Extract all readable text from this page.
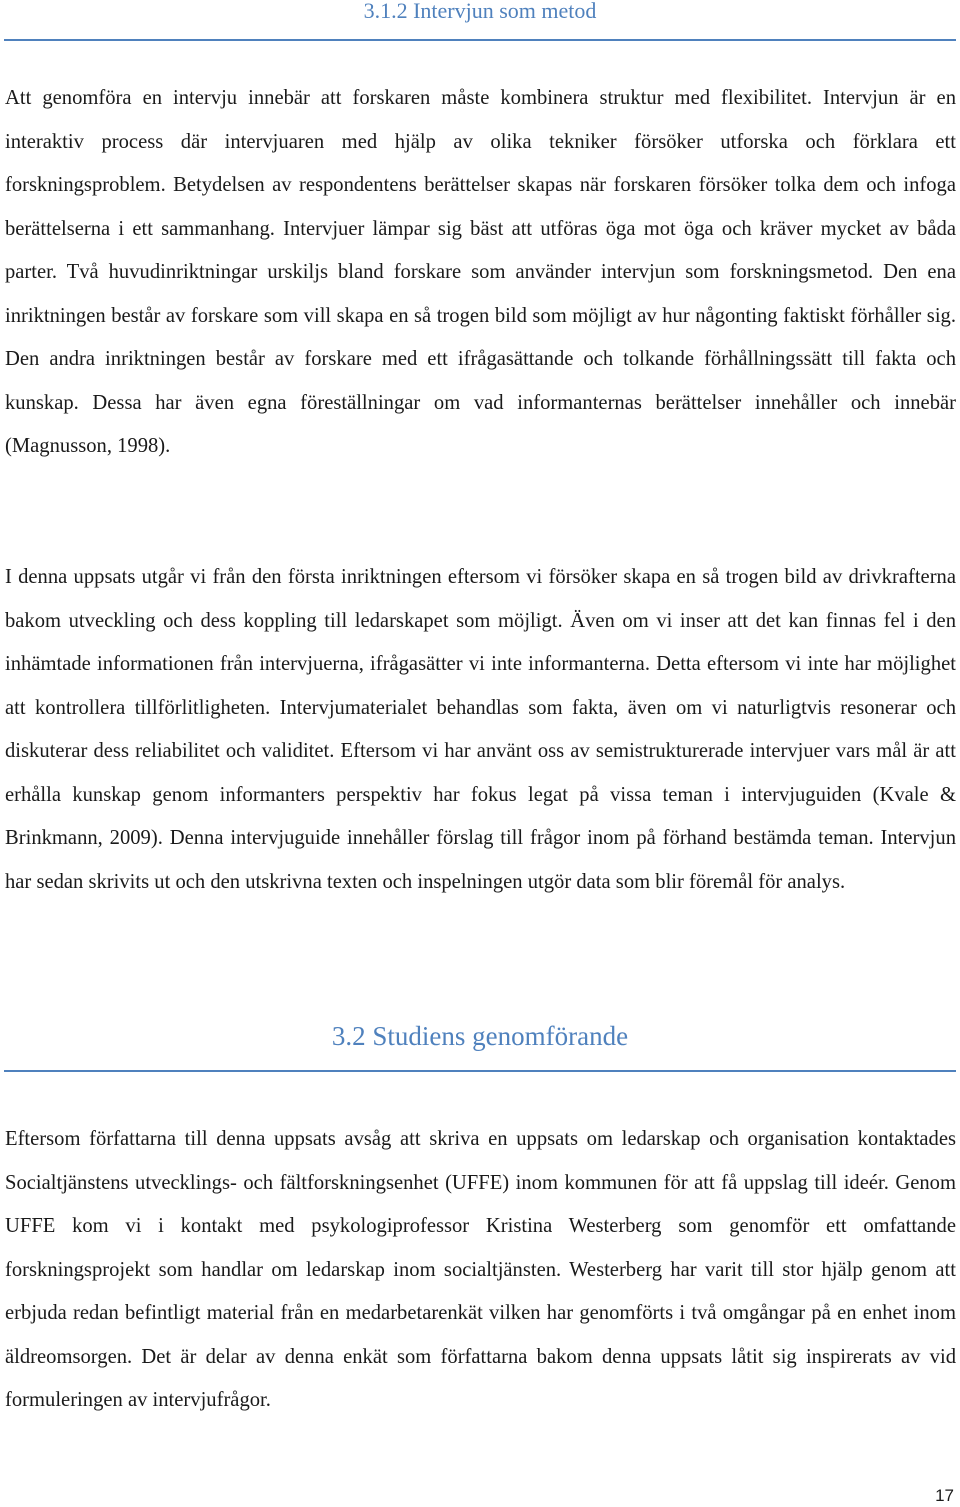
3.1.2 Intervjun som metod

Att genomföra en intervju innebär att forskaren måste kombinera struktur med flexibilitet. Intervjun är en interaktiv process där intervjuaren med hjälp av olika tekniker försöker utforska och förklara ett forskningsproblem. Betydelsen av respondentens berättelser skapas när forskaren försöker tolka dem och infoga berättelserna i ett sammanhang. Intervjuer lämpar sig bäst att utföras öga mot öga och kräver mycket av båda parter. Två huvudinriktningar urskiljs bland forskare som använder intervjun som forskningsmetod. Den ena inriktningen består av forskare som vill skapa en så trogen bild som möjligt av hur någonting faktiskt förhåller sig. Den andra inriktningen består av forskare med ett ifrågasättande och tolkande förhållningssätt till fakta och kunskap. Dessa har även egna föreställningar om vad informanternas berättelser innehåller och innebär (Magnusson, 1998).

I denna uppsats utgår vi från den första inriktningen eftersom vi försöker skapa en så trogen bild av drivkrafterna bakom utveckling och dess koppling till ledarskapet som möjligt. Även om vi inser att det kan finnas fel i den inhämtade informationen från intervjuerna, ifrågasätter vi inte informanterna. Detta eftersom vi inte har möjlighet att kontrollera tillförlitligheten. Intervjumaterialet behandlas som fakta, även om vi naturligtvis resonerar och diskuterar dess reliabilitet och validitet. Eftersom vi har använt oss av semistrukturerade intervjuer vars mål är att erhålla kunskap genom informanters perspektiv har fokus legat på vissa teman i intervjuguiden (Kvale & Brinkmann, 2009). Denna intervjuguide innehåller förslag till frågor inom på förhand bestämda teman. Intervjun har sedan skrivits ut och den utskrivna texten och inspelningen utgör data som blir föremål för analys.

3.2 Studiens genomförande

Eftersom författarna till denna uppsats avsåg att skriva en uppsats om ledarskap och organisation kontaktades Socialtjänstens utvecklings- och fältforskningsenhet (UFFE) inom kommunen för att få uppslag till ideér. Genom UFFE kom vi i kontakt med psykologiprofessor Kristina Westerberg som genomför ett omfattande forskningsprojekt som handlar om ledarskap inom socialtjänsten. Westerberg har varit till stor hjälp genom att erbjuda redan befintligt material från en medarbetarenkät vilken har genomförts i två omgångar på en enhet inom äldreomsorgen. Det är delar av denna enkät som författarna bakom denna uppsats låtit sig inspirerats av vid formuleringen av intervjufrågor.

17
